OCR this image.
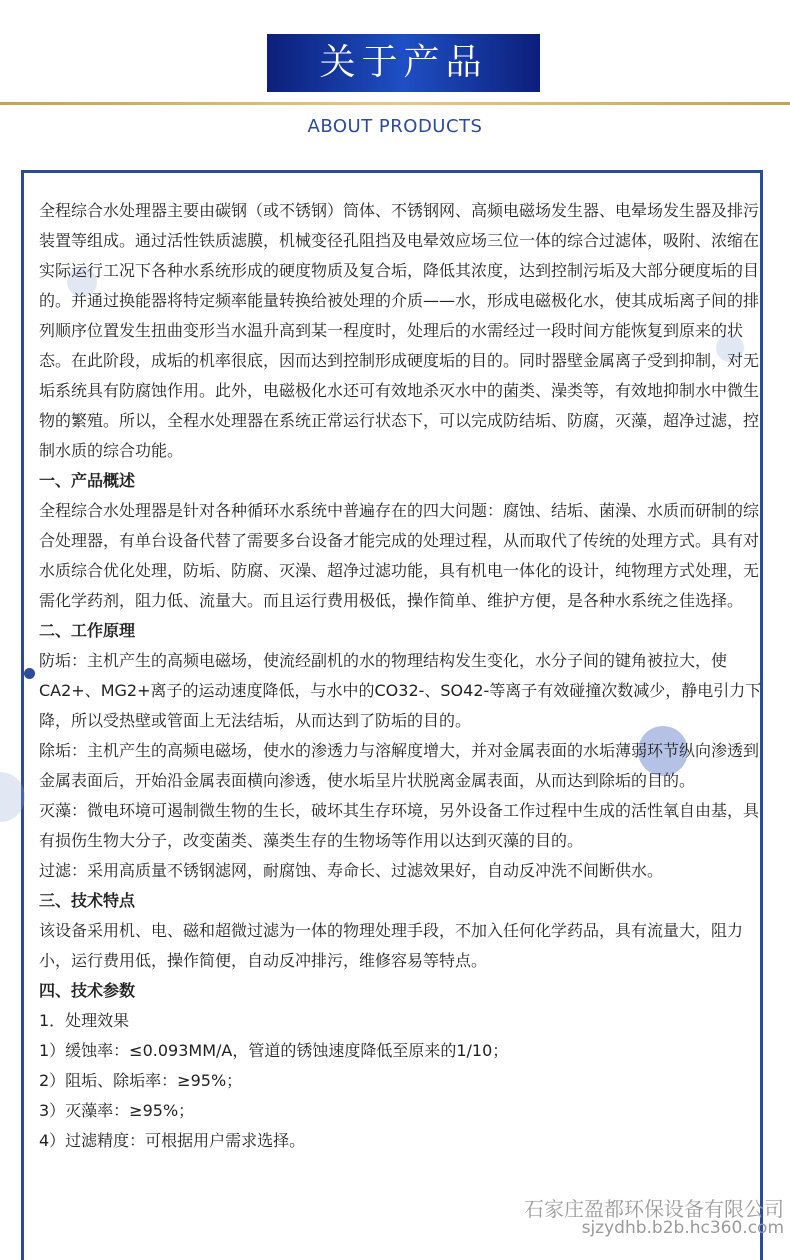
关于产品
ABOUT PRODUCTS

全程综合水处理器主要由碳钢（或不锈钢）筒体、不锈钢网、高频电磁场发生器、电晕场发生器及排污装置等组成。通过活性铁质滤膜，机械变径孔阻挡及电晕效应场三位一体的综合过滤体，吸附、浓缩在实际运行工况下各种水系统形成的硬度物质及复合垢，降低其浓度，达到控制污垢及大部分硬度垢的目的。并通过换能器将特定频率能量转换给被处理的介质——水，形成电磁极化水，使其成垢离子间的排列顺序位置发生扭曲变形当水温升高到某一程度时，处理后的水需经过一段时间方能恢复到原来的状态。在此阶段，成垢的机率很底，因而达到控制形成硬度垢的目的。同时器壁金属离子受到抑制，对无垢系统具有防腐蚀作用。此外，电磁极化水还可有效地杀灭水中的菌类、澡类等，有效地抑制水中微生物的繁殖。所以，全程水处理器在系统正常运行状态下，可以完成防结垢、防腐，灭藻，超净过滤，控制水质的综合功能。

一、产品概述

全程综合水处理器是针对各种循环水系统中普遍存在的四大问题：腐蚀、结垢、菌澡、水质而研制的综合处理器，有单台设备代替了需要多台设备才能完成的处理过程，从而取代了传统的处理方式。具有对水质综合优化处理，防垢、防腐、灭澡、超净过滤功能，具有机电一体化的设计，纯物理方式处理，无需化学药剂，阻力低、流量大。而且运行费用极低，操作简单、维护方便，是各种水系统之佳选择。

二、工作原理

防垢：主机产生的高频电磁场，使流经副机的水的物理结构发生变化，水分子间的键角被拉大，使CA2+、MG2+离子的运动速度降低，与水中的CO32-、SO42-等离子有效碰撞次数减少，静电引力下降，所以受热壁或管面上无法结垢，从而达到了防垢的目的。

除垢：主机产生的高频电磁场，使水的渗透力与溶解度增大，并对金属表面的水垢薄弱环节纵向渗透到金属表面后，开始沿金属表面横向渗透，使水垢呈片状脱离金属表面，从而达到除垢的目的。

灭藻：微电环境可遏制微生物的生长，破坏其生存环境，另外设备工作过程中生成的活性氧自由基，具有损伤生物大分子，改变菌类、藻类生存的生物场等作用以达到灭藻的目的。

过滤：采用高质量不锈钢滤网，耐腐蚀、寿命长、过滤效果好，自动反冲洗不间断供水。

三、技术特点

该设备采用机、电、磁和超微过滤为一体的物理处理手段，不加入任何化学药品，具有流量大，阻力小，运行费用低，操作简便，自动反冲排污，维修容易等特点。

四、技术参数

1．处理效果

1）缓蚀率：≤0.093MM/A，管道的锈蚀速度降低至原来的1/10；

2）阻垢、除垢率：≥95%；

3）灭藻率：≥95%；

4）过滤精度：可根据用户需求选择。

石家庄盈都环保设备有限公司
sjzydhb.b2b.hc360.com
